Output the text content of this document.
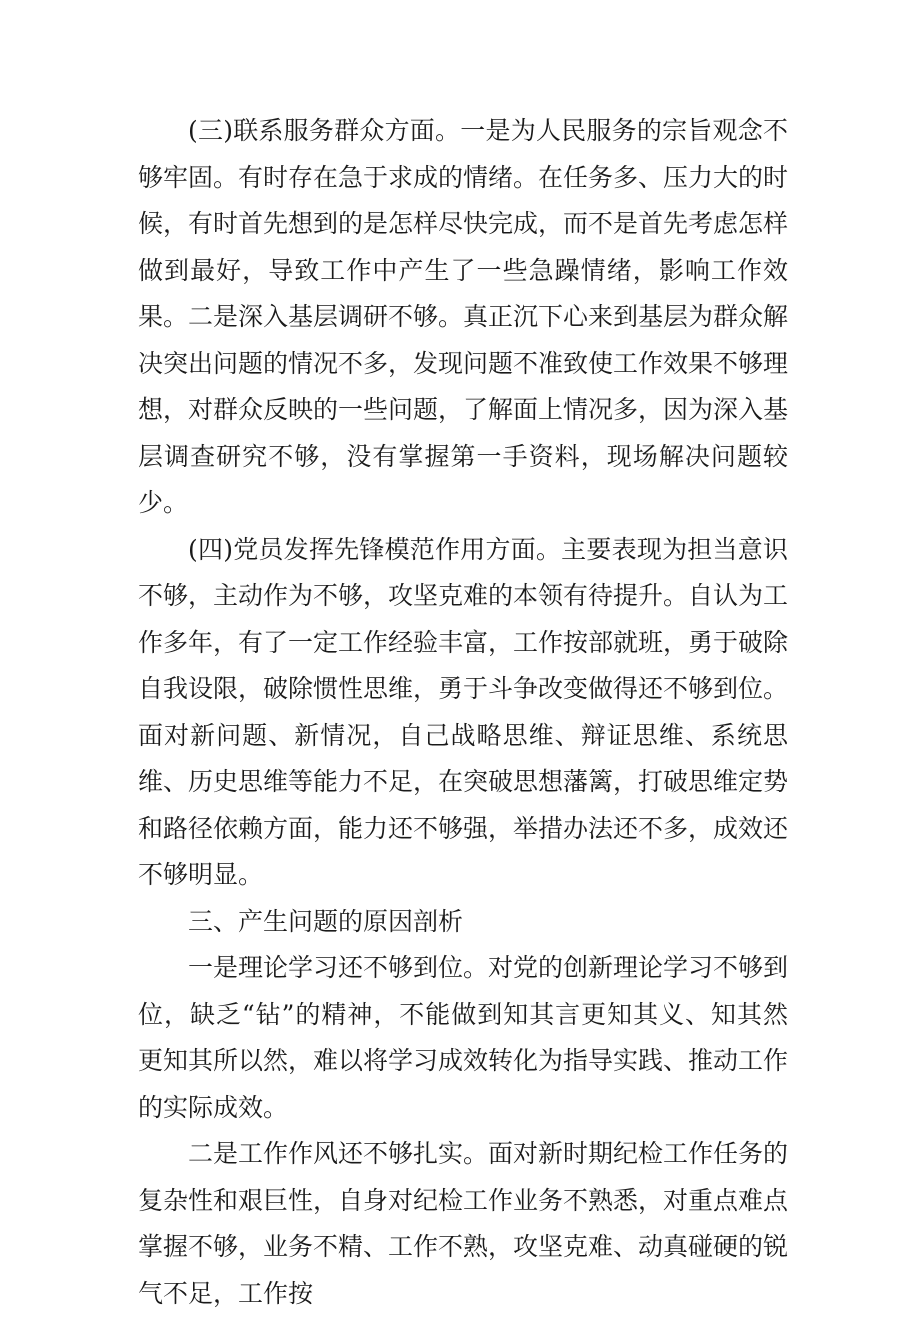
(三)联系服务群众方面。一是为人民服务的宗旨观念不够牢固。有时存在急于求成的情绪。在任务多、压力大的时候，有时首先想到的是怎样尽快完成，而不是首先考虑怎样做到最好，导致工作中产生了一些急躁情绪，影响工作效果。二是深入基层调研不够。真正沉下心来到基层为群众解决突出问题的情况不多，发现问题不准致使工作效果不够理想，对群众反映的一些问题，了解面上情况多，因为深入基层调查研究不够，没有掌握第一手资料，现场解决问题较少。

(四)党员发挥先锋模范作用方面。主要表现为担当意识不够，主动作为不够，攻坚克难的本领有待提升。自认为工作多年，有了一定工作经验丰富，工作按部就班，勇于破除自我设限，破除惯性思维，勇于斗争改变做得还不够到位。面对新问题、新情况，自己战略思维、辩证思维、系统思维、历史思维等能力不足，在突破思想藩篱，打破思维定势和路径依赖方面，能力还不够强，举措办法还不多，成效还不够明显。

三、产生问题的原因剖析

一是理论学习还不够到位。对党的创新理论学习不够到位，缺乏“钻”的精神，不能做到知其言更知其义、知其然更知其所以然，难以将学习成效转化为指导实践、推动工作的实际成效。

二是工作作风还不够扎实。面对新时期纪检工作任务的复杂性和艰巨性，自身对纪检工作业务不熟悉，对重点难点掌握不够，业务不精、工作不熟，攻坚克难、动真碰硬的锐气不足，工作按
